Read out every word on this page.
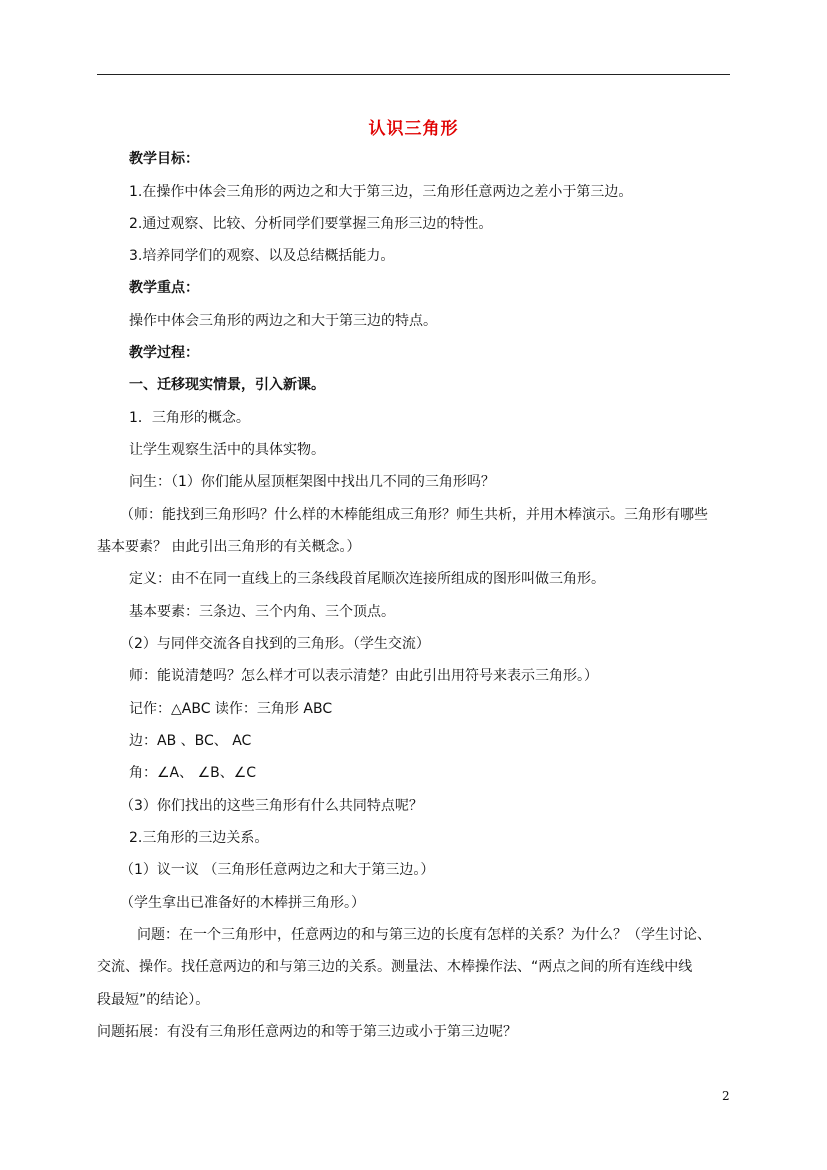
认识三角形
教学目标：
1.在操作中体会三角形的两边之和大于第三边，三角形任意两边之差小于第三边。
2.通过观察、比较、分析同学们要掌握三角形三边的特性。
3.培养同学们的观察、以及总结概括能力。
教学重点：
操作中体会三角形的两边之和大于第三边的特点。
教学过程：
一、迁移现实情景，引入新课。
1．三角形的概念。
让学生观察生活中的具体实物。
问生：（1）你们能从屋顶框架图中找出几不同的三角形吗？
（师：能找到三角形吗？什么样的木棒能组成三角形？师生共析，并用木棒演示。三角形有哪些
基本要素？ 由此引出三角形的有关概念。）
定义：由不在同一直线上的三条线段首尾顺次连接所组成的图形叫做三角形。
基本要素：三条边、三个内角、三个顶点。
（2）与同伴交流各自找到的三角形。（学生交流）
师：能说清楚吗？怎么样才可以表示清楚？由此引出用符号来表示三角形。）
记作：△ABC 读作：三角形 ABC
边：AB 、BC、 AC
角：∠A、 ∠B、∠C
（3）你们找出的这些三角形有什么共同特点呢？
2.三角形的三边关系。
（1）议一议 （三角形任意两边之和大于第三边。）
（学生拿出已准备好的木棒拼三角形。）
问题：在一个三角形中，任意两边的和与第三边的长度有怎样的关系？为什么？（学生讨论、
交流、操作。找任意两边的和与第三边的关系。测量法、木棒操作法、“两点之间的所有连线中线
段最短”的结论）。
问题拓展：有没有三角形任意两边的和等于第三边或小于第三边呢？
2
